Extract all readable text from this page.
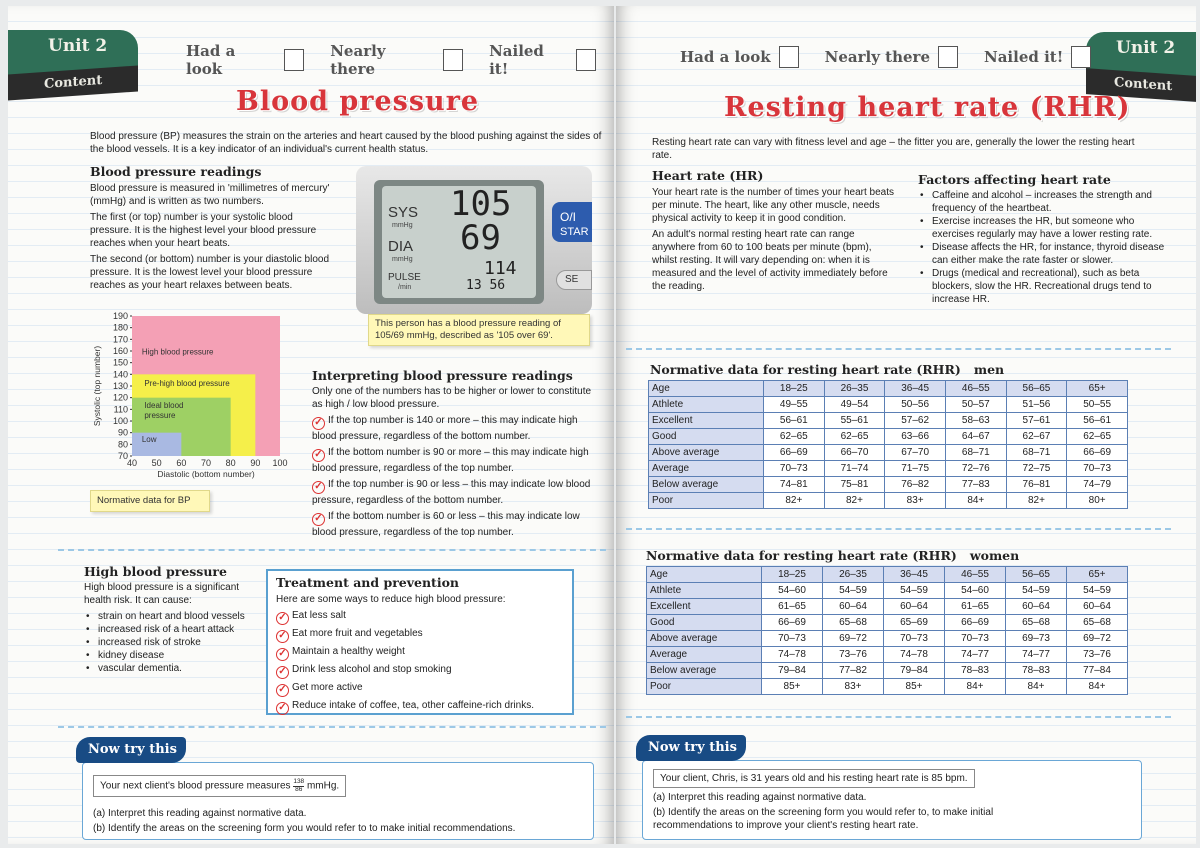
Unit 2
Content
Had a look
Nearly there
Nailed it!
Blood pressure
Blood pressure (BP) measures the strain on the arteries and heart caused by the blood pushing against the sides of the blood vessels. It is a key indicator of an individual's current health status.
Blood pressure readings

Blood pressure is measured in 'millimetres of mercury' (mmHg) and is written as two numbers.

The first (or top) number is your systolic blood pressure. It is the highest level your blood pressure reaches when your heart beats.

The second (or bottom) number is your diastolic blood pressure. It is the lowest level your blood pressure reaches as your heart relaxes between beats.

SYS
mmHg
DIA
mmHg
PULSE
/min
105
69
114
13 56
O/I
STAR
SE
This person has a blood pressure reading of 105/69 mmHg, described as '105 over 69'.
High blood pressure
Pre-high blood pressure
Ideal blood
pressure
Low
40 50 60 70 80 90 100
70
80
90
100
110
120
130
140
150
160
170
180
190
Diastolic (bottom number)
Systolic (top number)
Normative data for BP
Interpreting blood pressure readings

Only one of the numbers has to be higher or lower to constitute as high / low blood pressure.

✓ If the top number is 140 or more – this may indicate high blood pressure, regardless of the bottom number.

✓ If the bottom number is 90 or more – this may indicate high blood pressure, regardless of the top number.

✓ If the top number is 90 or less – this may indicate low blood pressure, regardless of the bottom number.

✓ If the bottom number is 60 or less – this may indicate low blood pressure, regardless of the top number.

High blood pressure

High blood pressure is a significant health risk. It can cause:

• strain on heart and blood vessels
• increased risk of a heart attack
• increased risk of stroke
• kidney disease
• vascular dementia.
Treatment and prevention
Here are some ways to reduce high blood pressure:
✓ Eat less salt
✓ Eat more fruit and vegetables
✓ Maintain a healthy weight
✓ Drink less alcohol and stop smoking
✓ Get more active
✓ Reduce intake of coffee, tea, other caffeine-rich drinks.
Your next client's blood pressure measures $\frac{138}{86}$ mmHg.
(a) Interpret this reading against normative data.
(b) Identify the areas on the screening form you would refer to to make initial recommendations.
Now try this
Unit 2
Content
Had a look	Nearly there	Nailed it!
Resting heart rate (RHR)
Resting heart rate can vary with fitness level and age – the fitter you are, generally the lower the resting heart rate.
Heart rate (HR)

Your heart rate is the number of times your heart beats per minute. The heart, like any other muscle, needs physical activity to keep it in good condition.

An adult's normal resting heart rate can range anywhere from 60 to 100 beats per minute (bpm), whilst resting. It will vary depending on: when it is measured and the level of activity immediately before the reading.

Factors affecting heart rate
• Caffeine and alcohol – increases the strength and frequency of the heartbeat.
• Exercise increases the HR, but someone who exercises regularly may have a lower resting rate.
• Disease affects the HR, for instance, thyroid disease can either make the rate faster or slower.
• Drugs (medical and recreational), such as beta blockers, slow the HR. Recreational drugs tend to increase HR.
Normative data for resting heart rate (RHR) men
Age	18–25	26–35	36–45	46–55	56–65	65+
Athlete	49–55	49–54	50–56	50–57	51–56	50–55
Excellent	56–61	55–61	57–62	58–63	57–61	56–61
Good	62–65	62–65	63–66	64–67	62–67	62–65
Above average	66–69	66–70	67–70	68–71	68–71	66–69
Average	70–73	71–74	71–75	72–76	72–75	70–73
Below average	74–81	75–81	76–82	77–83	76–81	74–79
Poor	82+	82+	83+	84+	82+	80+
Normative data for resting heart rate (RHR) women
Age	18–25	26–35	36–45	46–55	56–65	65+
Athlete	54–60	54–59	54–59	54–60	54–59	54–59
Excellent	61–65	60–64	60–64	61–65	60–64	60–64
Good	66–69	65–68	65–69	66–69	65–68	65–68
Above average	70–73	69–72	70–73	70–73	69–73	69–72
Average	74–78	73–76	74–78	74–77	74–77	73–76
Below average	79–84	77–82	79–84	78–83	78–83	77–84
Poor	85+	83+	85+	84+	84+	84+
Your client, Chris, is 31 years old and his resting heart rate is 85 bpm.
(a) Interpret this reading against normative data.
(b) Identify the areas on the screening form you would refer to, to make initial recommendations to improve your client's resting heart rate.
Now try this
